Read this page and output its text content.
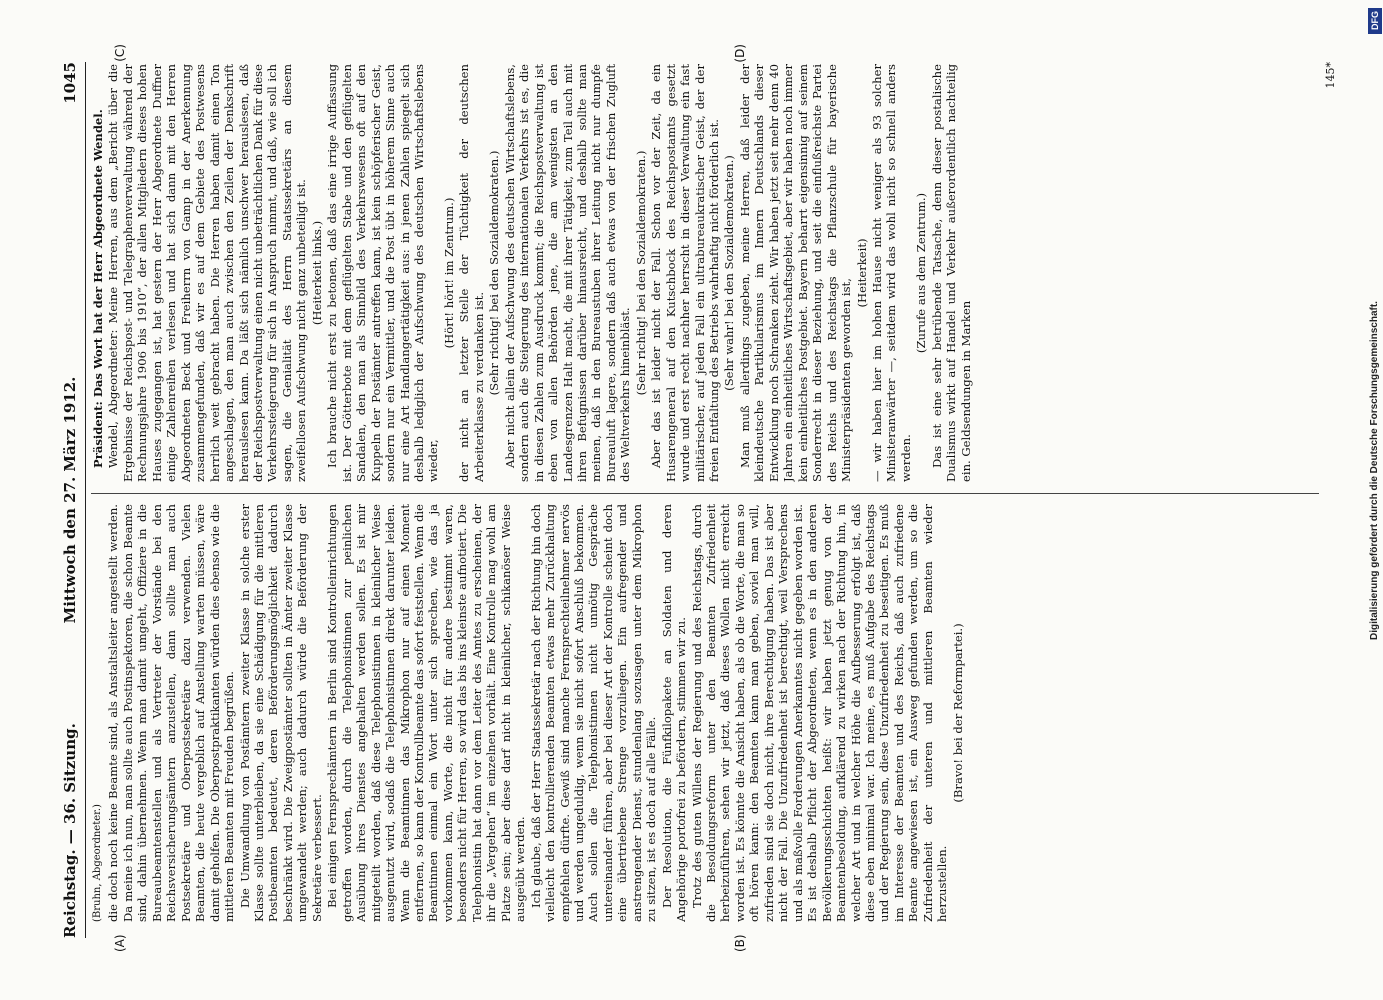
Reichstag. — 36. Sitzung.
Mittwoch den 27. März 1912.
1045
(A)	(B)
(C)	(D)

(Bruhn, Abgeordneter.) die doch noch keine Beamte sind, als Anstaltsleiter angestellt werden. Da meine ich nun, man sollte auch Postinspektoren, die schon Beamte sind, dahin übernehmen. Wenn man damit umgeht, Offiziere in die Bureaubeamtenstellen und als Vertreter der Vorstände bei den Reichsversicherungsämtern anzustellen, dann sollte man auch Postsekretäre und Oberpostsekretäre dazu verwenden. Vielen Beamten, die heute vergeblich auf Anstellung warten müssen, wäre damit geholfen. Die Oberpostpraktikanten würden dies ebenso wie die mittleren Beamten mit Freuden begrüßen. Die Umwandlung von Postämtern zweiter Klasse in solche erster Klasse sollte unterbleiben, da sie eine Schädigung für die mittleren Postbeamten bedeutet, deren Beförderungsmöglichkeit dadurch beschränkt wird. Die Zweigpostämter sollten in Ämter zweiter Klasse umgewandelt werden; auch dadurch würde die Beförderung der Sekretäre verbessert. Bei einigen Fernsprechämtern in Berlin sind Kontrolleinrichtungen getroffen worden, durch die Telephonistinnen zur peinlichen Ausübung ihres Dienstes angehalten werden sollen. Es ist mir mitgeteilt worden, daß diese Telephonistinnen in kleinlicher Weise ausgenutzt wird, sodaß die Telephonistinnen direkt darunter leiden. Wenn die Beamtinnen das Mikrophon nur auf einen Moment entfernen, so kann der Kontrollbeamte das sofort feststellen. Wenn die Beamtinnen einmal ein Wort unter sich sprechen, wie das ja vorkommen kann, Worte, die nicht für andere bestimmt waren, besonders nicht für Herren, so wird das bis ins kleinste aufnotiert. Die Telephonistin hat dann vor dem Leiter des Amtes zu erscheinen, der ihr die „Vergehen“ im einzelnen vorhält. Eine Kontrolle mag wohl am Platze sein; aber diese darf nicht in kleinlicher, schikanöser Weise ausgeübt werden. Ich glaube, daß der Herr Staatssekretär nach der Richtung hin doch vielleicht den kontrollierenden Beamten etwas mehr Zurückhaltung empfehlen dürfte. Gewiß sind manche Fernsprechteilnehmer nervös und werden ungeduldig, wenn sie nicht sofort Anschluß bekommen. Auch sollen die Telephonistinnen nicht unnötig Gespräche untereinander führen, aber bei dieser Art der Kontrolle scheint doch eine übertriebene Strenge vorzuliegen. Ein aufregender und anstrengender Dienst, stundenlang sozusagen unter dem Mikrophon zu sitzen, ist es doch auf alle Fälle. Der Resolution, die Fünfkilopakete an Soldaten und deren Angehörige portofrei zu befördern, stimmen wir zu. Trotz des guten Willens der Regierung und des Reichstags, durch die Besoldungsreform unter den Beamten Zufriedenheit herbeizuführen, sehen wir jetzt, daß dieses Wollen nicht erreicht worden ist. Es könnte die Ansicht haben, als ob die Worte, die man so oft hören kann: den Beamten kann man geben, soviel man will, zufrieden sind sie doch nicht, ihre Berechtigung haben. Das ist aber nicht der Fall. Die Unzufriedenheit ist berechtigt, weil Versprechens und als maßvolle Forderungen Anerkanntes nicht gegeben worden ist. Es ist deshalb Pflicht der Abgeordneten, wenn es in den anderen Bevölkerungsschichten heißt: wir haben jetzt genug von der Beamtenbesoldung, aufklärend zu wirken nach der Richtung hin, in welcher Art und in welcher Höhe die Aufbesserung erfolgt ist, daß diese eben minimal war. Ich meine, es muß Aufgabe des Reichstags und der Regierung sein, diese Unzufriedenheit zu beseitigen. Es muß im Interesse der Beamten und des Reichs, daß auch zufriedene Beamte angewiesen ist, ein Ausweg gefunden werden, um so die Zufriedenheit der unteren und mittleren Beamten wieder herzustellen.

(Bravo! bei der Reformpartei.)

Präsident: Das Wort hat der Herr Abgeordnete Wendel. Wendel, Abgeordneter: Meine Herren, aus dem „Bericht über die Ergebnisse der Reichspost- und Telegraphenverwaltung während der Rechnungsjahre 1906 bis 1910“, der allen Mitgliedern dieses hohen Hauses zugegangen ist, hat gestern der Herr Abgeordnete Duffner einige Zahlenreihen verlesen und hat sich dann mit den Herren Abgeordneten Beck und Freiherrn von Gamp in der Anerkennung zusammengefunden, daß wir es auf dem Gebiete des Postwesens herrlich weit gebracht haben. Die Herren haben damit einen Ton angeschlagen, den man auch zwischen den Zeilen der Denkschrift herauslesen kann. Da läßt sich nämlich unschwer herauslesen, daß der Reichspostverwaltung einen nicht unbeträchtlichen Dank für diese Verkehrssteigerung für sich in Anspruch nimmt, und daß, wie soll ich sagen, die Genialität des Herrn Staatssekretärs an diesem zweifellosen Aufschwung nicht ganz unbeteiligt ist. (Heiterkeit links.) Ich brauche nicht erst zu betonen, daß das eine irrige Auffassung ist. Der Götterbote mit dem geflügelten Stabe und den geflügelten Sandalen, den man als Sinnbild des Verkehrswesens oft auf den Kuppeln der Postämter antreffen kann, ist kein schöpferischer Geist, sondern nur ein Vermittler, und die Post übt in höherem Sinne auch nur eine Art Handlangertätigkeit aus: in jenen Zahlen spiegelt sich deshalb lediglich der Aufschwung des deutschen Wirtschaftslebens wieder,

(Hört! hört! im Zentrum.) der nicht an letzter Stelle der Tüchtigkeit der deutschen Arbeiterklasse zu verdanken ist. (Sehr richtig! bei den Sozialdemokraten.) Aber nicht allein der Aufschwung des deutschen Wirtschaftslebens, sondern auch die Steigerung des internationalen Verkehrs ist es, die in diesen Zahlen zum Ausdruck kommt; die Reichspostverwaltung ist eben von allen Behörden jene, die am wenigsten an den Landesgrenzen Halt macht, die mit ihrer Tätigkeit, zum Teil auch mit ihren Befugnissen darüber hinausreicht, und deshalb sollte man meinen, daß in den Bureaustuben ihrer Leitung nicht nur dumpfe Bureauluft lagere, sondern daß auch etwas von der frischen Zugluft des Weltverkehrs hineinbläst. (Sehr richtig! bei den Sozialdemokraten.) Aber das ist leider nicht der Fall. Schon vor der Zeit, da ein Husarengeneral auf den Kutschbock des Reichspostamts gesetzt wurde und erst recht nachher herrscht in dieser Verwaltung ein fast militärischer, auf jeden Fall ein ultrabureaukratischer Geist, der der freien Entfaltung des Betriebs wahrhaftig nicht förderlich ist. (Sehr wahr! bei den Sozialdemokraten.) Man muß allerdings zugeben, meine Herren, daß leider der kleindeutsche Partikularismus im Innern Deutschlands dieser Entwicklung noch Schranken zieht. Wir haben jetzt seit mehr denn 40 Jahren ein einheitliches Wirtschaftsgebiet, aber wir haben noch immer kein einheitliches Postgebiet. Bayern beharrt eigensinnig auf seinem Sonderrecht in dieser Beziehung, und seit die einflußreichste Partei des Reichs und des Reichstags die Pflanzschule für bayerische Ministerpräsidenten geworden ist,

(Heiterkeit) — wir haben hier im hohen Hause nicht weniger als 93 solcher Ministeranwärter —, seitdem wird das wohl nicht so schnell anders werden.

(Zurufe aus dem Zentrum.) Das ist eine sehr betrübende Tatsache, denn dieser postalische Dualismus wirkt auf Handel und Verkehr außerordentlich nachteilig ein. Geldsendungen in Marken

145*
DFG
Digitalisierung gefördert durch die Deutsche Forschungsgemeinschaft.
